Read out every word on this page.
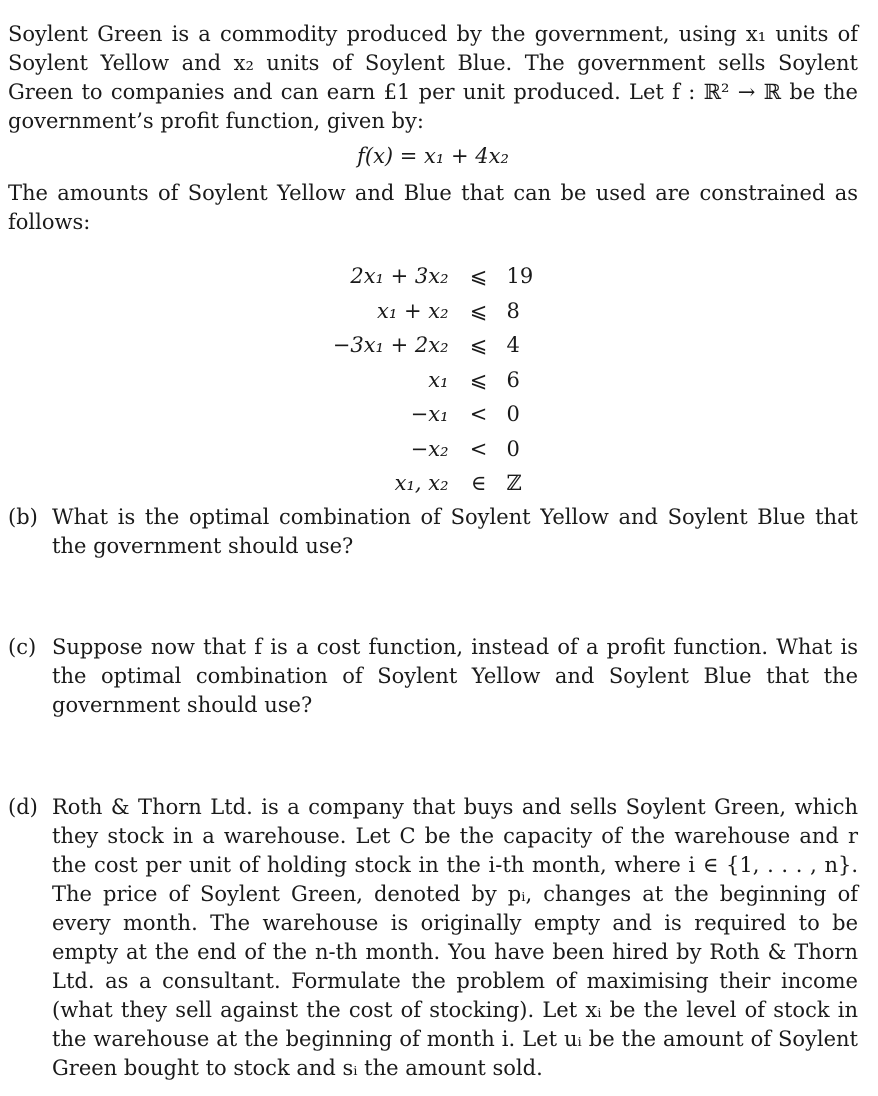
Soylent Green is a commodity produced by the government, using x₁ units of Soylent Yellow and x₂ units of Soylent Blue. The government sells Soylent Green to companies and can earn £1 per unit produced. Let f : ℝ² → ℝ be the government’s profit function, given by:

f(x) = x₁ + 4x₂

The amounts of Soylent Yellow and Blue that can be used are constrained as follows:

2x₁ + 3x₂	⩽	19
x₁ + x₂	⩽	8
−3x₁ + 2x₂	⩽	4
x₁	⩽	6
−x₁	<	0
−x₂	<	0
x₁, x₂	∈	ℤ
(b) What is the optimal combination of Soylent Yellow and Soylent Blue that the government should use?
(c) Suppose now that f is a cost function, instead of a profit function. What is the optimal combination of Soylent Yellow and Soylent Blue that the government should use?
(d) Roth & Thorn Ltd. is a company that buys and sells Soylent Green, which they stock in a warehouse. Let C be the capacity of the warehouse and r the cost per unit of holding stock in the i-th month, where i ∈ {1, . . . , n}. The price of Soylent Green, denoted by pᵢ, changes at the beginning of every month. The warehouse is originally empty and is required to be empty at the end of the n-th month. You have been hired by Roth & Thorn Ltd. as a consultant. Formulate the problem of maximising their income (what they sell against the cost of stocking). Let xᵢ be the level of stock in the warehouse at the beginning of month i. Let uᵢ be the amount of Soylent Green bought to stock and sᵢ the amount sold.
